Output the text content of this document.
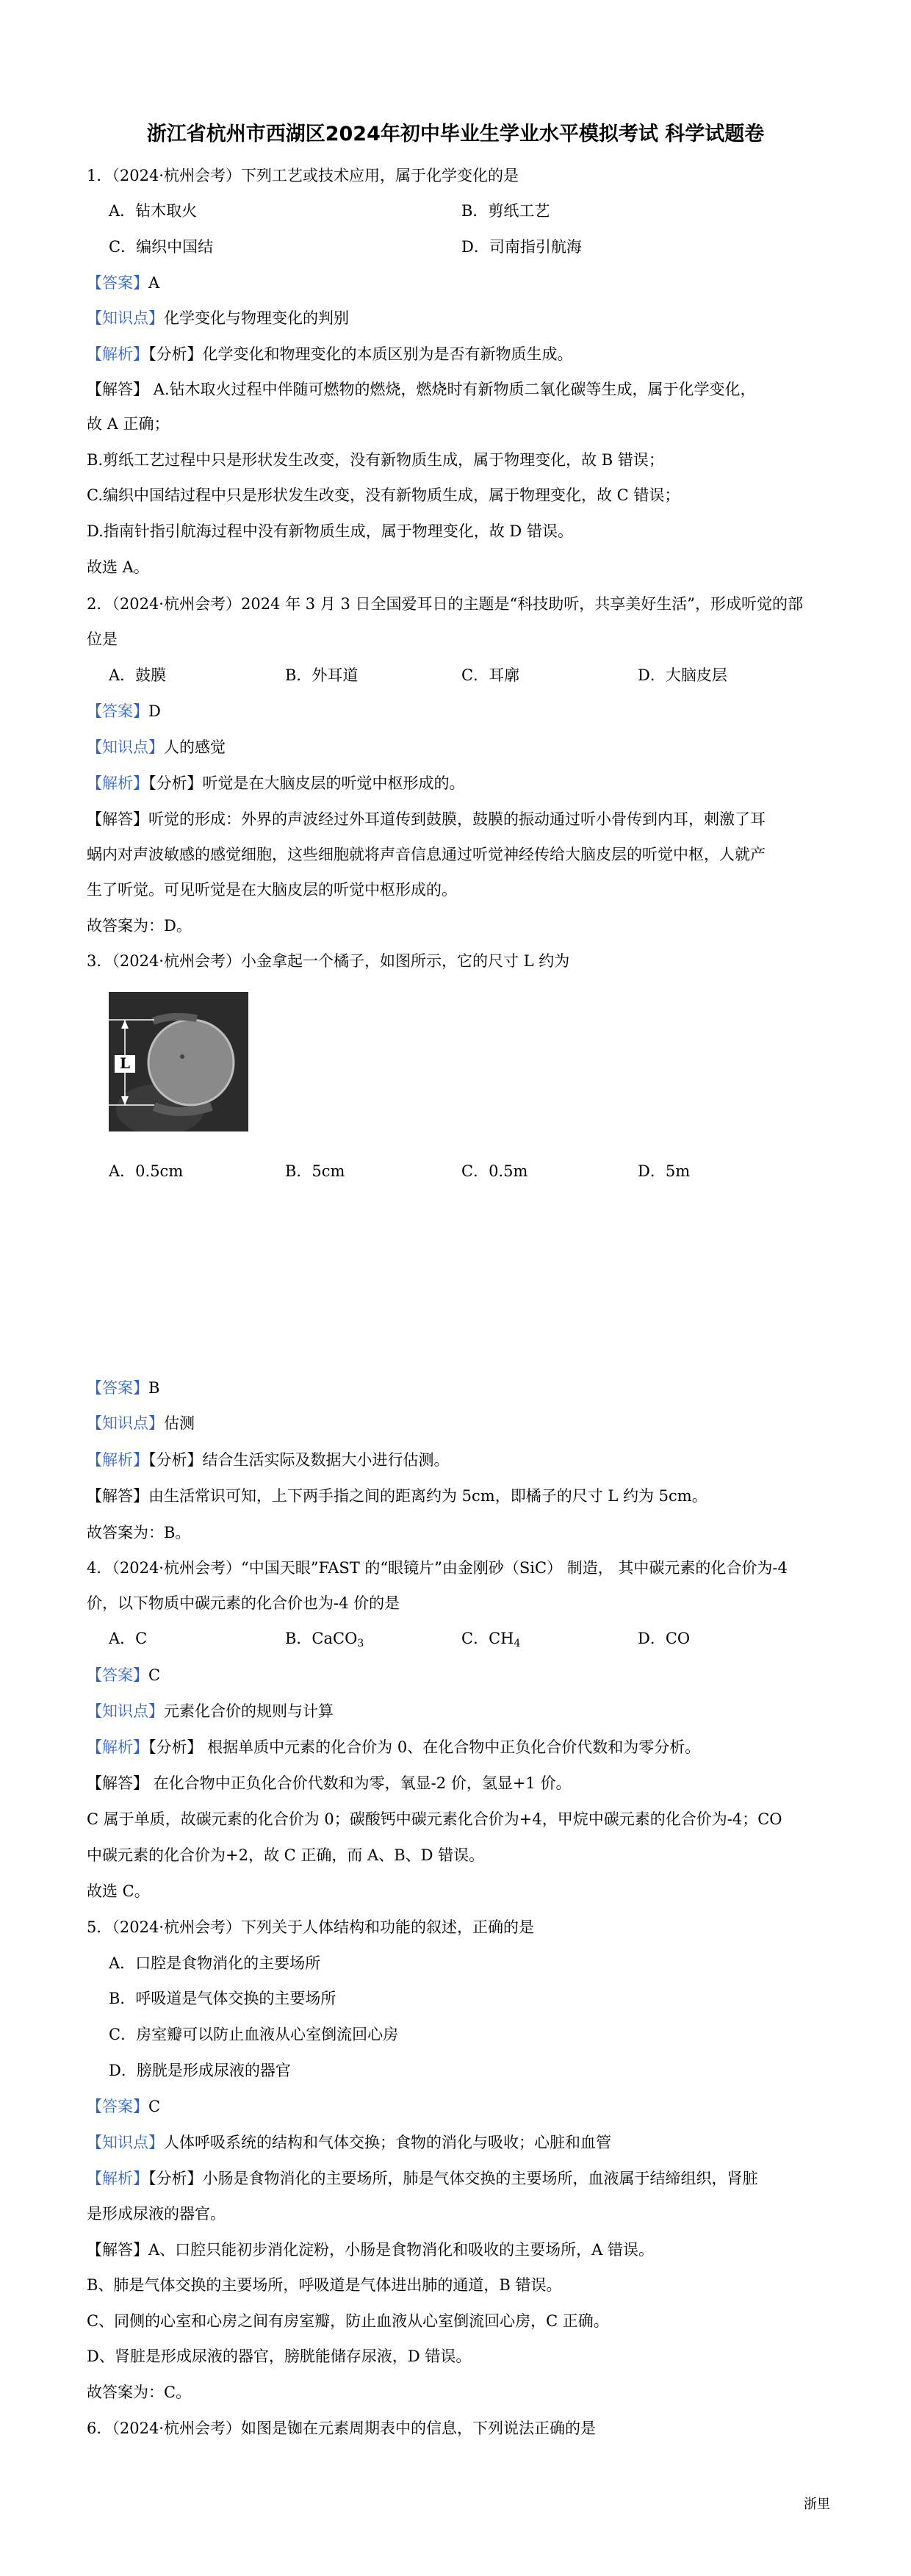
浙江省杭州市西湖区2024年初中毕业生学业水平模拟考试 科学试题卷
1．（2024·杭州会考）下列工艺或技术应用，属于化学变化的是
A．钻木取火	B．剪纸工艺
C．编织中国结	D．司南指引航海
【答案】A
【知识点】化学变化与物理变化的判别
【解析】【分析】化学变化和物理变化的本质区别为是否有新物质生成。
【解答】 A.钻木取火过程中伴随可燃物的燃烧，燃烧时有新物质二氧化碳等生成，属于化学变化，
故 A 正确；
B.剪纸工艺过程中只是形状发生改变，没有新物质生成，属于物理变化，故 B 错误；
C.编织中国结过程中只是形状发生改变，没有新物质生成，属于物理变化，故 C 错误；
D.指南针指引航海过程中没有新物质生成，属于物理变化，故 D 错误。
故选 A。
2．（2024·杭州会考）2024 年 3 月 3 日全国爱耳日的主题是“科技助听，共享美好生活”，形成听觉的部
位是
A．鼓膜	B．外耳道	C．耳廓	D．大脑皮层
【答案】D
【知识点】人的感觉
【解析】【分析】听觉是在大脑皮层的听觉中枢形成的。
【解答】听觉的形成：外界的声波经过外耳道传到鼓膜，鼓膜的振动通过听小骨传到内耳，刺激了耳
蜗内对声波敏感的感觉细胞，这些细胞就将声音信息通过听觉神经传给大脑皮层的听觉中枢，人就产
生了听觉。可见听觉是在大脑皮层的听觉中枢形成的。
故答案为：D。
3．（2024·杭州会考）小金拿起一个橘子，如图所示，它的尺寸 L 约为
L
A．0.5cm	B．5cm	C．0.5m	D．5m
【答案】B
【知识点】估测
【解析】【分析】结合生活实际及数据大小进行估测。
【解答】由生活常识可知，上下两手指之间的距离约为 5cm，即橘子的尺寸 L 约为 5cm。
故答案为：B。
4．（2024·杭州会考）“中国天眼”FAST 的“眼镜片”由金刚砂（SiC） 制造， 其中碳元素的化合价为-4
价，以下物质中碳元素的化合价也为-4 价的是
A．C	B．CaCO$_3$	C．$CH_4$	D．CO
【答案】C
【知识点】元素化合价的规则与计算
【解析】【分析】 根据单质中元素的化合价为 0、在化合物中正负化合价代数和为零分析。
【解答】 在化合物中正负化合价代数和为零，氧显-2 价，氢显+1 价。
C 属于单质，故碳元素的化合价为 0；碳酸钙中碳元素化合价为+4，甲烷中碳元素的化合价为-4；CO
中碳元素的化合价为+2，故 C 正确，而 A、B、D 错误。
故选 C。
5．（2024·杭州会考）下列关于人体结构和功能的叙述，正确的是
A．口腔是食物消化的主要场所
B．呼吸道是气体交换的主要场所
C．房室瓣可以防止血液从心室倒流回心房
D．膀胱是形成尿液的器官
【答案】C
【知识点】人体呼吸系统的结构和气体交换；食物的消化与吸收；心脏和血管
【解析】【分析】小肠是食物消化的主要场所，肺是气体交换的主要场所，血液属于结缔组织，肾脏
是形成尿液的器官。
【解答】A、口腔只能初步消化淀粉，小肠是食物消化和吸收的主要场所，A 错误。
B、肺是气体交换的主要场所，呼吸道是气体进出肺的通道，B 错误。
C、同侧的心室和心房之间有房室瓣，防止血液从心室倒流回心房，C 正确。
D、肾脏是形成尿液的器官，膀胱能储存尿液，D 错误。
故答案为：C。
6．（2024·杭州会考）如图是铷在元素周期表中的信息，下列说法正确的是
浙里
